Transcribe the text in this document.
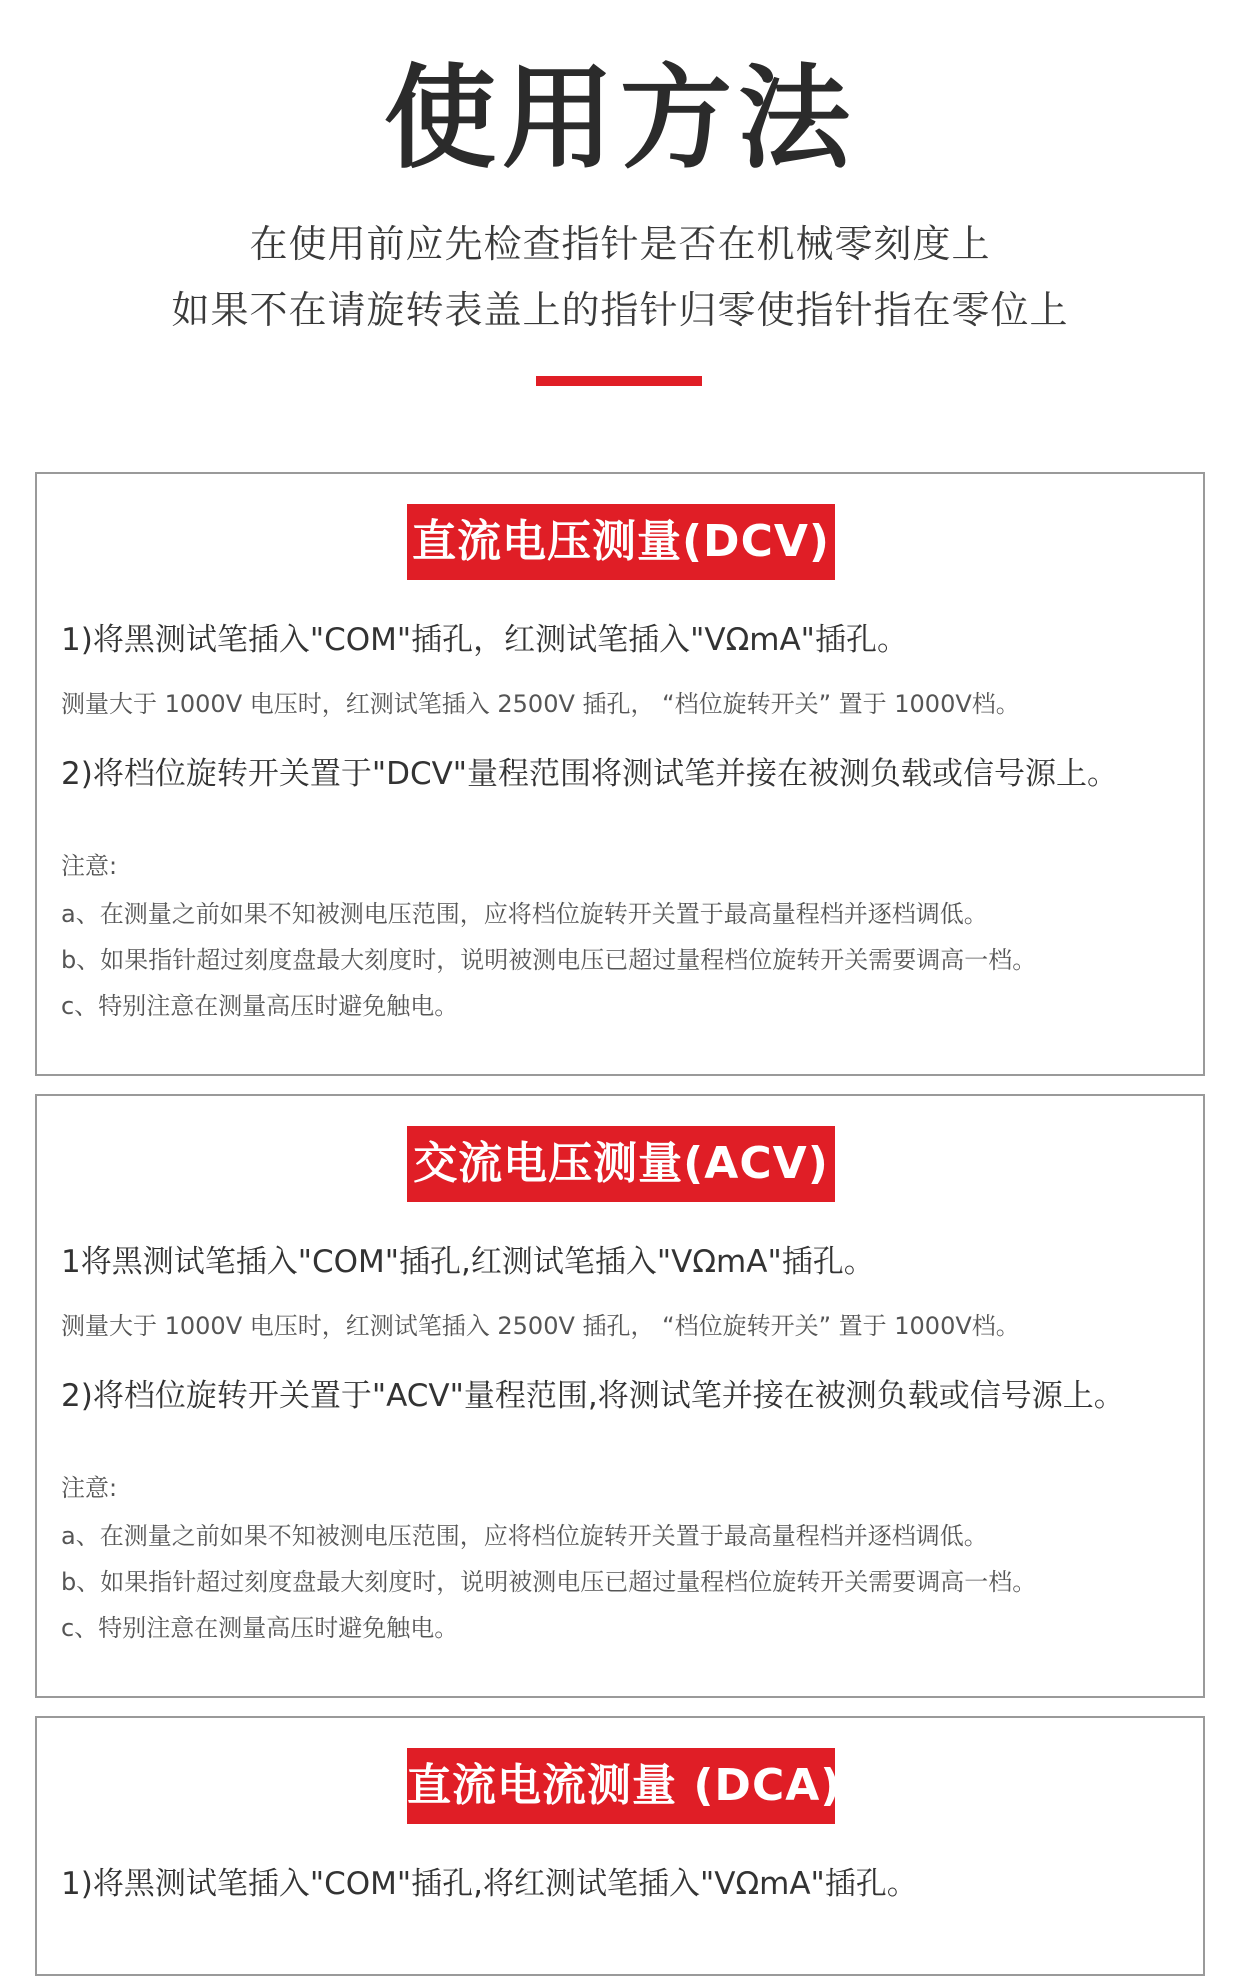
使用方法

在使用前应先检查指针是否在机械零刻度上

如果不在请旋转表盖上的指针归零使指针指在零位上

直流电压测量(DCV)

1)将黑测试笔插入"COM"插孔，红测试笔插入"VΩmA"插孔。

测量大于 1000V 电压时，红测试笔插入 2500V 插孔， “档位旋转开关” 置于 1000V档。

2)将档位旋转开关置于"DCV"量程范围将测试笔并接在被测负载或信号源上。

注意:

a、在测量之前如果不知被测电压范围，应将档位旋转开关置于最高量程档并逐档调低。

b、如果指针超过刻度盘最大刻度时，说明被测电压已超过量程档位旋转开关需要调高一档。

c、特别注意在测量高压时避免触电。

交流电压测量(ACV)

1将黑测试笔插入"COM"插孔,红测试笔插入"VΩmA"插孔。

测量大于 1000V 电压时，红测试笔插入 2500V 插孔， “档位旋转开关” 置于 1000V档。

2)将档位旋转开关置于"ACV"量程范围,将测试笔并接在被测负载或信号源上。

注意:

a、在测量之前如果不知被测电压范围，应将档位旋转开关置于最高量程档并逐档调低。

b、如果指针超过刻度盘最大刻度时，说明被测电压已超过量程档位旋转开关需要调高一档。

c、特别注意在测量高压时避免触电。

直流电流测量 (DCA)

1)将黑测试笔插入"COM"插孔,将红测试笔插入"VΩmA"插孔。
